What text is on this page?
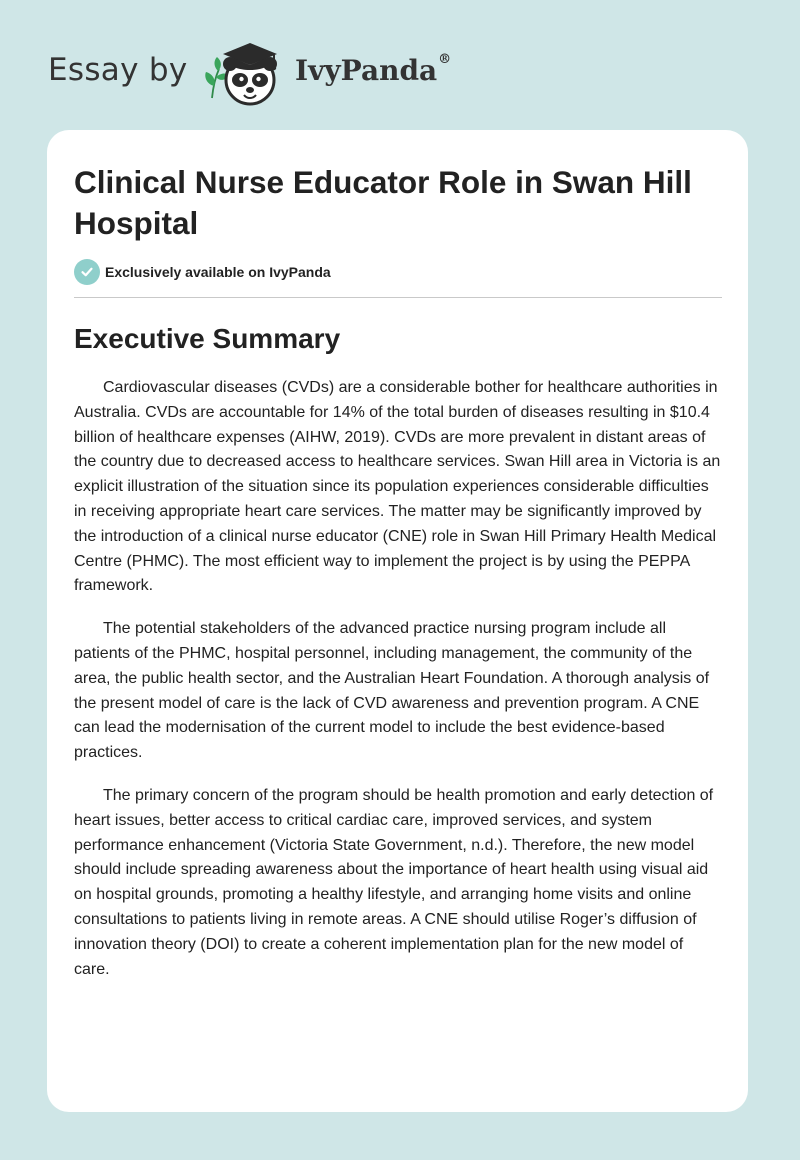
Essay by	IvyPanda®
Clinical Nurse Educator Role in Swan Hill Hospital
Exclusively available on IvyPanda
Executive Summary

Cardiovascular diseases (CVDs) are a considerable bother for healthcare authorities in Australia. CVDs are accountable for 14% of the total burden of diseases resulting in $10.4 billion of healthcare expenses (AIHW, 2019). CVDs are more prevalent in distant areas of the country due to decreased access to healthcare services. Swan Hill area in Victoria is an explicit illustration of the situation since its population experiences considerable difficulties in receiving appropriate heart care services. The matter may be significantly improved by the introduction of a clinical nurse educator (CNE) role in Swan Hill Primary Health Medical Centre (PHMC). The most efficient way to implement the project is by using the PEPPA framework.

The potential stakeholders of the advanced practice nursing program include all patients of the PHMC, hospital personnel, including management, the community of the area, the public health sector, and the Australian Heart Foundation. A thorough analysis of the present model of care is the lack of CVD awareness and prevention program. A CNE can lead the modernisation of the current model to include the best evidence-based practices.

The primary concern of the program should be health promotion and early detection of heart issues, better access to critical cardiac care, improved services, and system performance enhancement (Victoria State Government, n.d.). Therefore, the new model should include spreading awareness about the importance of heart health using visual aid on hospital grounds, promoting a healthy lifestyle, and arranging home visits and online consultations to patients living in remote areas. A CNE should utilise Roger’s diffusion of innovation theory (DOI) to create a coherent implementation plan for the new model of care.
